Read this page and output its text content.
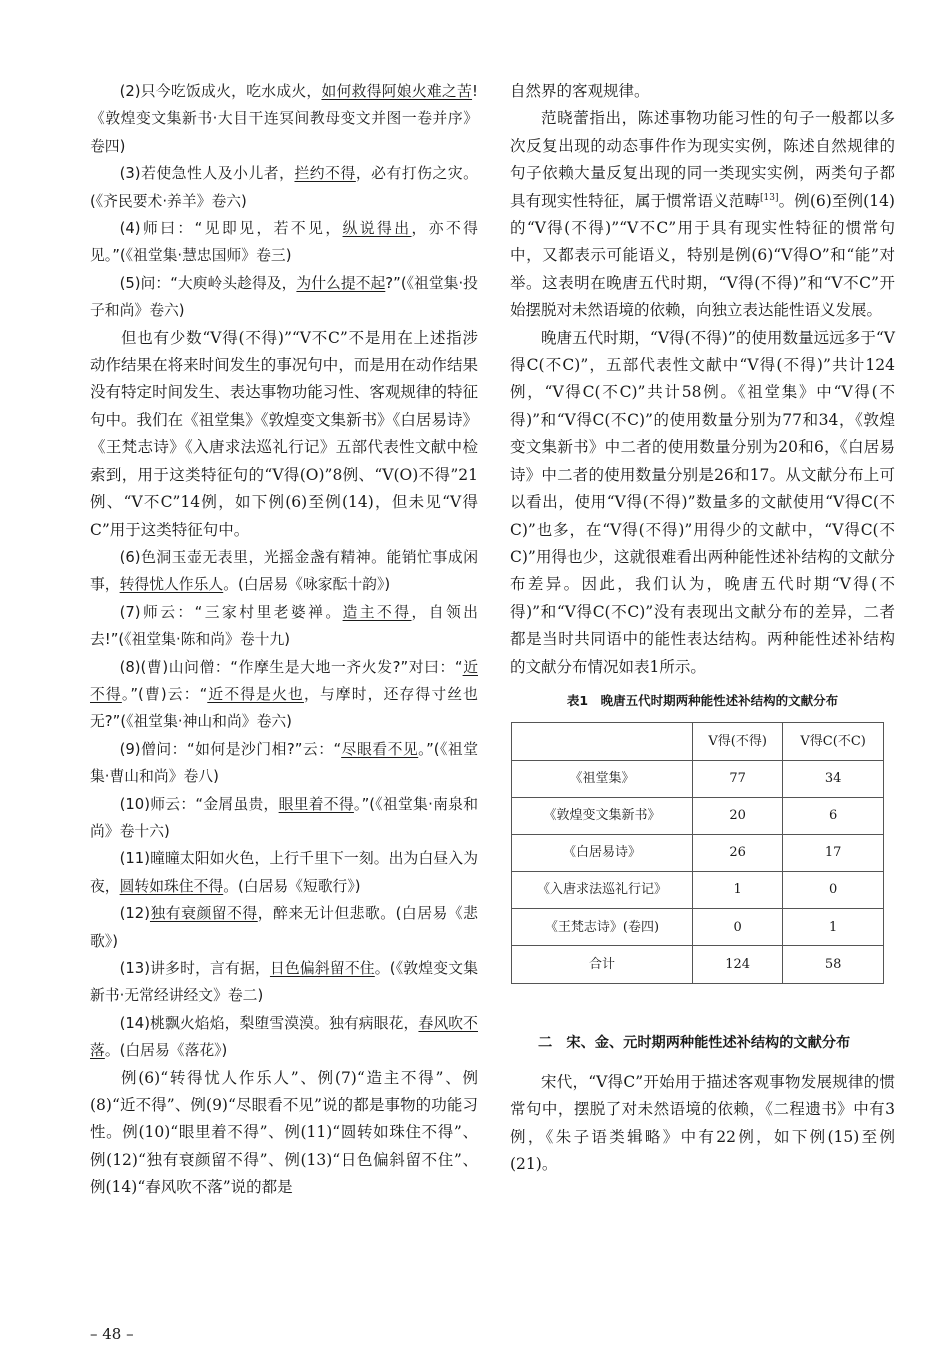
(2)只今吃饭成火，吃水成火，如何救得阿娘火难之苦!《敦煌变文集新书·大目干连冥间教母变文并图一卷并序》卷四)

(3)若使急性人及小儿者，拦约不得，必有打伤之灾。(《齐民要术·养羊》卷六)

(4)师曰：“见即见，若不见，纵说得出，亦不得见。”(《祖堂集·慧忠国师》卷三)

(5)问：“大庾岭头趁得及，为什么提不起?”(《祖堂集·投子和尚》卷六)

但也有少数“V得(不得)”“V不C”不是用在上述指涉动作结果在将来时间发生的事况句中，而是用在动作结果没有特定时间发生、表达事物功能习性、客观规律的特征句中。我们在《祖堂集》《敦煌变文集新书》《白居易诗》《王梵志诗》《入唐求法巡礼行记》五部代表性文献中检索到，用于这类特征句的“V得(O)”8例、“V(O)不得”21例、“V不C”14例，如下例(6)至例(14)，但未见“V得C”用于这类特征句中。

(6)色洞玉壶无表里，光摇金盏有精神。能销忙事成闲事，转得忧人作乐人。(白居易《咏家酝十韵》)

(7)师云：“三家村里老婆禅。造主不得，自领出去!”(《祖堂集·陈和尚》卷十九)

(8)(曹)山问僧：“作摩生是大地一齐火发?”对曰：“近不得。”(曹)云：“近不得是火也，与摩时，还存得寸丝也无?”(《祖堂集·神山和尚》卷六)

(9)僧问：“如何是沙门相?”云：“尽眼看不见。”(《祖堂集·曹山和尚》卷八)

(10)师云：“金屑虽贵，眼里着不得。”(《祖堂集·南泉和尚》卷十六)

(11)曈曈太阳如火色，上行千里下一刻。出为白昼入为夜，圆转如珠住不得。(白居易《短歌行》)

(12)独有衰颜留不得，醉来无计但悲歌。(白居易《悲歌》)

(13)讲多时，言有据，日色偏斜留不住。(《敦煌变文集新书·无常经讲经文》卷二)

(14)桃飘火焰焰，梨堕雪漠漠。独有病眼花，春风吹不落。(白居易《落花》)

例(6)“转得忧人作乐人”、例(7)“造主不得”、例(8)“近不得”、例(9)“尽眼看不见”说的都是事物的功能习性。例(10)“眼里着不得”、例(11)“圆转如珠住不得”、例(12)“独有衰颜留不得”、例(13)“日色偏斜留不住”、例(14)“春风吹不落”说的都是

自然界的客观规律。

范晓蕾指出，陈述事物功能习性的句子一般都以多次反复出现的动态事件作为现实实例，陈述自然规律的句子依赖大量反复出现的同一类现实实例，两类句子都具有现实性特征，属于惯常语义范畴[13]。例(6)至例(14)的“V得(不得)”“V不C”用于具有现实性特征的惯常句中，又都表示可能语义，特别是例(6)“V得O”和“能”对举。这表明在晚唐五代时期，“V得(不得)”和“V不C”开始摆脱对未然语境的依赖，向独立表达能性语义发展。

晚唐五代时期，“V得(不得)”的使用数量远远多于“V得C(不C)”，五部代表性文献中“V得(不得)”共计124例，“V得C(不C)”共计58例。《祖堂集》中“V得(不得)”和“V得C(不C)”的使用数量分别为77和34，《敦煌变文集新书》中二者的使用数量分别为20和6，《白居易诗》中二者的使用数量分别是26和17。从文献分布上可以看出，使用“V得(不得)”数量多的文献使用“V得C(不C)”也多，在“V得(不得)”用得少的文献中，“V得C(不C)”用得也少，这就很难看出两种能性述补结构的文献分布差异。因此，我们认为，晚唐五代时期“V得(不得)”和“V得C(不C)”没有表现出文献分布的差异，二者都是当时共同语中的能性表达结构。两种能性述补结构的文献分布情况如表1所示。

表1　晚唐五代时期两种能性述补结构的文献分布

	V得(不得)	V得C(不C)
《祖堂集》	77	34
《敦煌变文集新书》	20	6
《白居易诗》	26	17
《入唐求法巡礼行记》	1	0
《王梵志诗》(卷四)	0	1
合计	124	58

二　宋、金、元时期两种能性述补结构的文献分布

宋代，“V得C”开始用于描述客观事物发展规律的惯常句中，摆脱了对未然语境的依赖，《二程遗书》中有3例，《朱子语类辑略》中有22例，如下例(15)至例(21)。

– 48 –
